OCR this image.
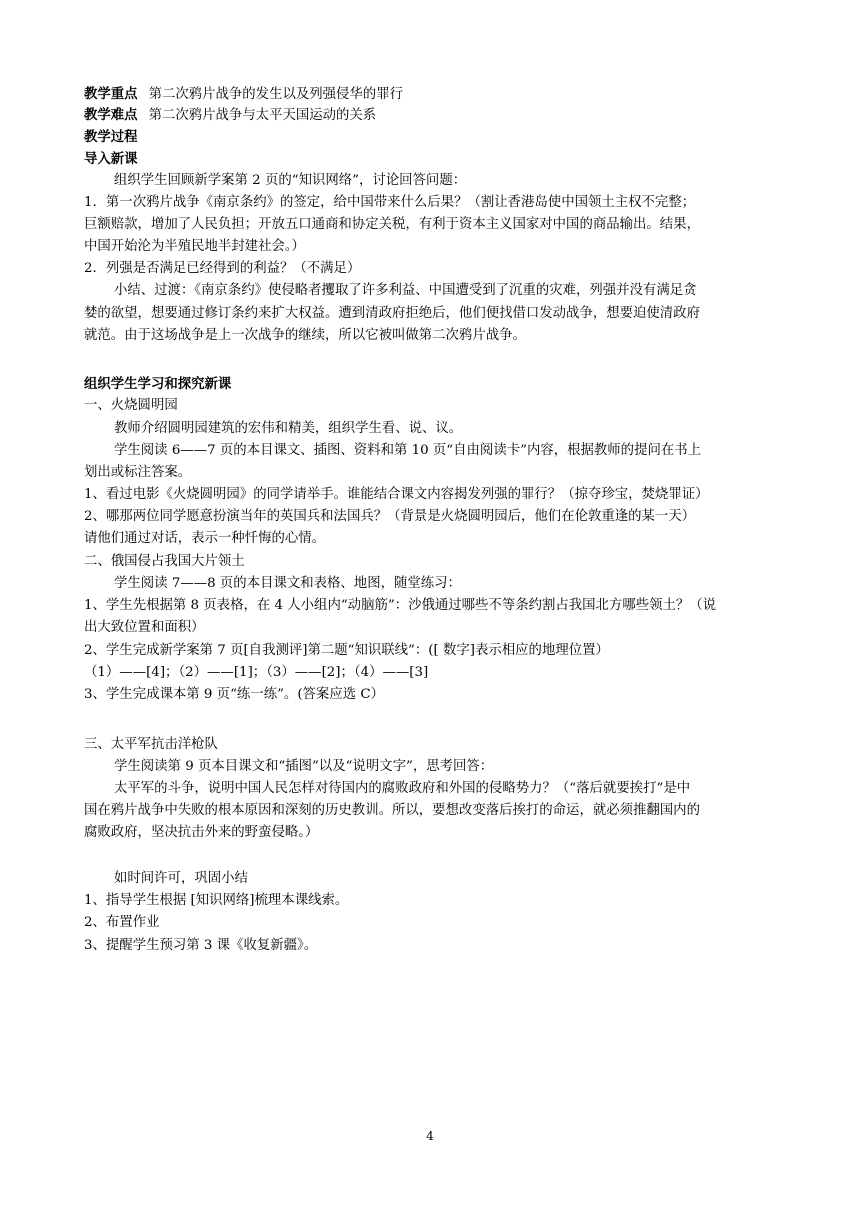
教学重点 第二次鸦片战争的发生以及列强侵华的罪行
教学难点 第二次鸦片战争与太平天国运动的关系
教学过程
导入新课
组织学生回顾新学案第 2 页的“知识网络”，讨论回答问题：
1．第一次鸦片战争《南京条约》的签定，给中国带来什么后果？（割让香港岛使中国领土主权不完整；
巨额赔款，增加了人民负担；开放五口通商和协定关税，有利于资本主义国家对中国的商品输出。结果，
中国开始沦为半殖民地半封建社会。）
2．列强是否满足已经得到的利益？（不满足）
小结、过渡：《南京条约》使侵略者攫取了许多利益、中国遭受到了沉重的灾难，列强并没有满足贪
婪的欲望，想要通过修订条约来扩大权益。遭到清政府拒绝后，他们便找借口发动战争，想要迫使清政府
就范。由于这场战争是上一次战争的继续，所以它被叫做第二次鸦片战争。
组织学生学习和探究新课
一、火烧圆明园
教师介绍圆明园建筑的宏伟和精美，组织学生看、说、议。
学生阅读 6——7 页的本目课文、插图、资料和第 10 页“自由阅读卡”内容，根据教师的提问在书上
划出或标注答案。
1、看过电影《火烧圆明园》的同学请举手。谁能结合课文内容揭发列强的罪行？（掠夺珍宝，焚烧罪证）
2、哪那两位同学愿意扮演当年的英国兵和法国兵？（背景是火烧圆明园后，他们在伦敦重逢的某一天）
请他们通过对话，表示一种忏悔的心情。
二、俄国侵占我国大片领土
学生阅读 7——8 页的本目课文和表格、地图，随堂练习：
1、学生先根据第 8 页表格，在 4 人小组内“动脑筋”：沙俄通过哪些不等条约割占我国北方哪些领土？（说
出大致位置和面积）
2、学生完成新学案第 7 页[自我测评]第二题“知识联线”：([ 数字]表示相应的地理位置）
（1）——[4]；（2）——[1]；（3）——[2]；（4）——[3]
3、学生完成课本第 9 页“练一练”。(答案应选 C）
三、太平军抗击洋枪队
学生阅读第 9 页本目课文和“插图”以及“说明文字”，思考回答：
太平军的斗争，说明中国人民怎样对待国内的腐败政府和外国的侵略势力？（“落后就要挨打”是中
国在鸦片战争中失败的根本原因和深刻的历史教训。所以，要想改变落后挨打的命运，就必须推翻国内的
腐败政府，坚决抗击外来的野蛮侵略。）
如时间许可，巩固小结
1、指导学生根据 [知识网络]梳理本课线索。
2、布置作业
3、提醒学生预习第 3 课《收复新疆》。
4
